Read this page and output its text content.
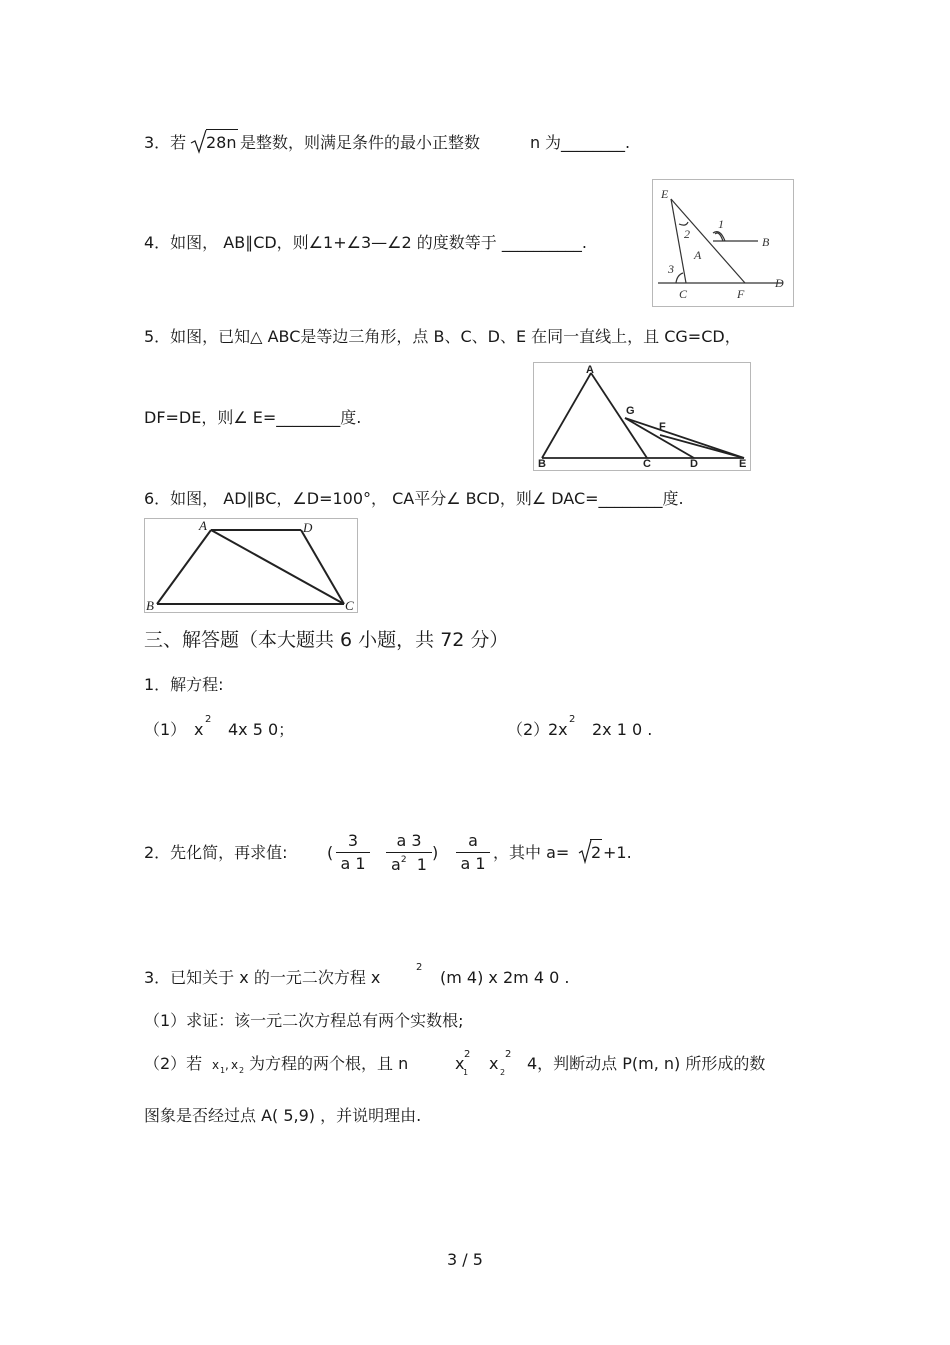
3．若 28n 是整数，则满足条件的最小正整数	n 为________.
4．如图， AB∥CD，则∠1+∠3—∠2 的度数等于 __________.
E
1
2
A
B
3
C	F
D
5．如图，已知△ ABC是等边三角形，点 B、C、D、E 在同一直线上，且 CG=CD，
DF=DE，则∠ E=________度.
A
G
F
B	C	D	E
6．如图， AD∥BC，∠D=100°， CA平分∠ BCD，则∠ DAC=________度.
A	D
B	C
三、解答题（本大题共 6 小题，共 72 分）
1．解方程:
（1） x
2
4x 5 0；	（2）
2x
2
2x 1 0 .
2．先化简，再求值: (
3
a 1
a 3
$a^2$ 1
)
a
a 1
，其中 a= 2 +1.
3．已知关于 x 的一元二次方程 x
2
(m 4) x 2m 4 0 .
（1）求证：该一元二次方程总有两个实数根;
（2）若 x 1 , x 2 为方程的两个根，且 n	x 2
1 x 2
2 4，判断动点 P(m, n) 所形成的数
图象是否经过点 A( 5,9) ，并说明理由.
3 / 5
